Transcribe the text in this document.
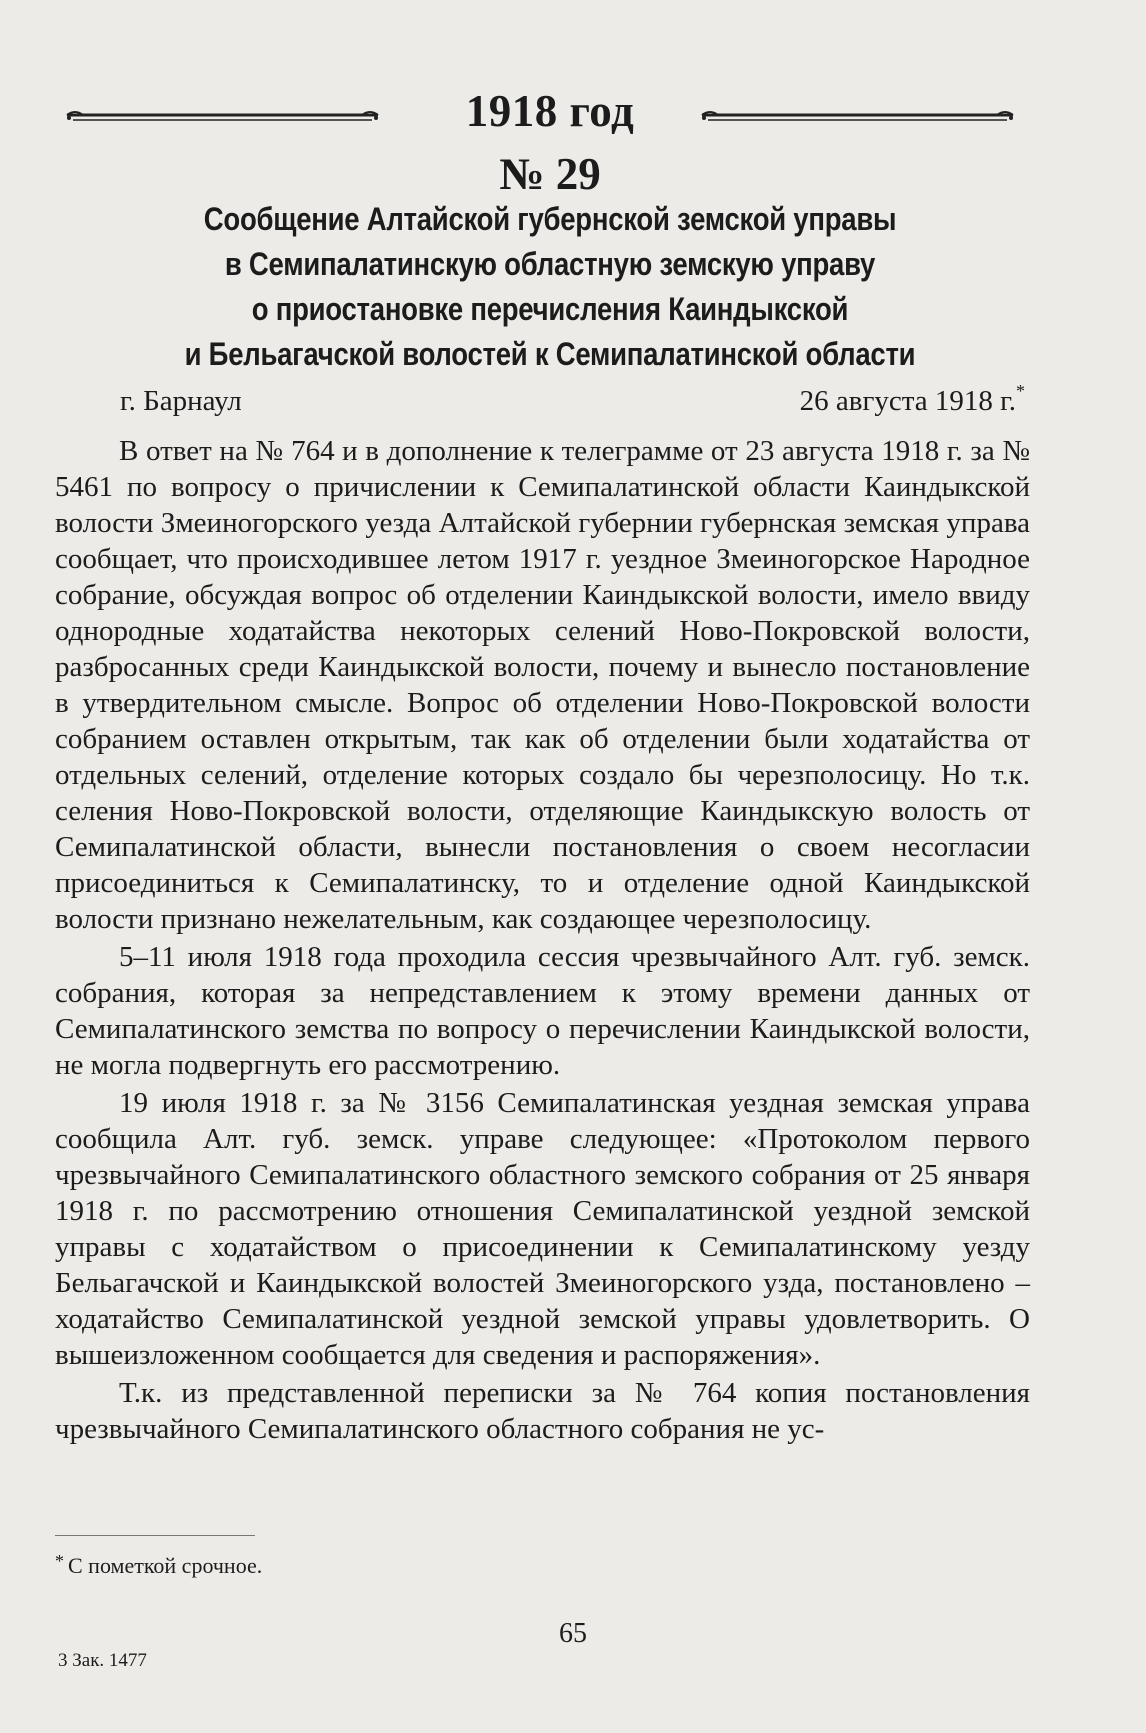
1918 год
№ 29
Сообщение Алтайской губернской земской управы
в Семипалатинскую областную земскую управу
о приостановке перечисления Каиндыкской
и Бельагачской волостей к Семипалатинской области
г. Барнаул	26 августа 1918 г.*

В ответ на № 764 и в дополнение к телеграмме от 23 августа 1918 г. за № 5461 по вопросу о причислении к Семипалатинской области Каиндыкской волости Змеиногорского уезда Алтайской губернии губернская земская управа сообщает, что происходившее летом 1917 г. уездное Змеиногорское Народное собрание, обсуждая вопрос об отделении Каиндыкской волости, имело ввиду однородные ходатайства некоторых селений Ново-Покровской волости, разбросанных среди Каиндыкской волости, почему и вынесло постановление в утвердительном смысле. Вопрос об отделении Ново-Покровской волости собранием оставлен открытым, так как об отделении были ходатайства от отдельных селений, отделение которых создало бы черезполосицу. Но т.к. селения Ново-Покровской волости, отделяющие Каиндыкскую волость от Семипалатинской области, вынесли постановления о своем несогласии присоединиться к Семипалатинску, то и отделение одной Каиндыкской волости признано нежелательным, как создающее черезполосицу.

5–11 июля 1918 года проходила сессия чрезвычайного Алт. губ. земск. собрания, которая за непредставлением к этому времени данных от Семипалатинского земства по вопросу о перечислении Каиндыкской волости, не могла подвергнуть его рассмотрению.

19 июля 1918 г. за № 3156 Семипалатинская уездная земская управа сообщила Алт. губ. земск. управе следующее: «Протоколом первого чрезвычайного Семипалатинского областного земского собрания от 25 января 1918 г. по рассмотрению отношения Семипалатинской уездной земской управы с ходатайством о присоединении к Семипалатинскому уезду Бельагачской и Каиндыкской волостей Змеиногорского узда, постановлено – ходатайство Семипалатинской уездной земской управы удовлетворить. О вышеизложенном сообщается для сведения и распоряжения».

Т.к. из представленной переписки за № 764 копия постановления чрезвычайного Семипалатинского областного собрания не ус-

* С пометкой срочное.
65
3 Зак. 1477
